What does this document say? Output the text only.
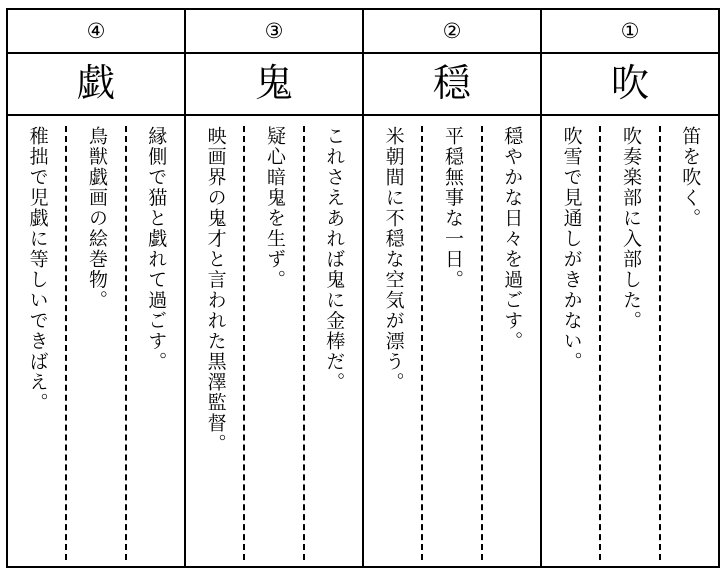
①
吹
笛を吹く。
吹奏楽部に入部した。
吹雪で見通しがきかない。
②
穏
穏やかな日々を過ごす。
平穏無事な一日。
米朝間に不穏な空気が漂う。
③
鬼
これさえあれば鬼に金棒だ。
疑心暗鬼を生ず。
映画界の鬼才と言われた黒澤監督。
④
戯
縁側で猫と戯れて過ごす。
鳥獣戯画の絵巻物。
稚拙で児戯に等しいできばえ。
